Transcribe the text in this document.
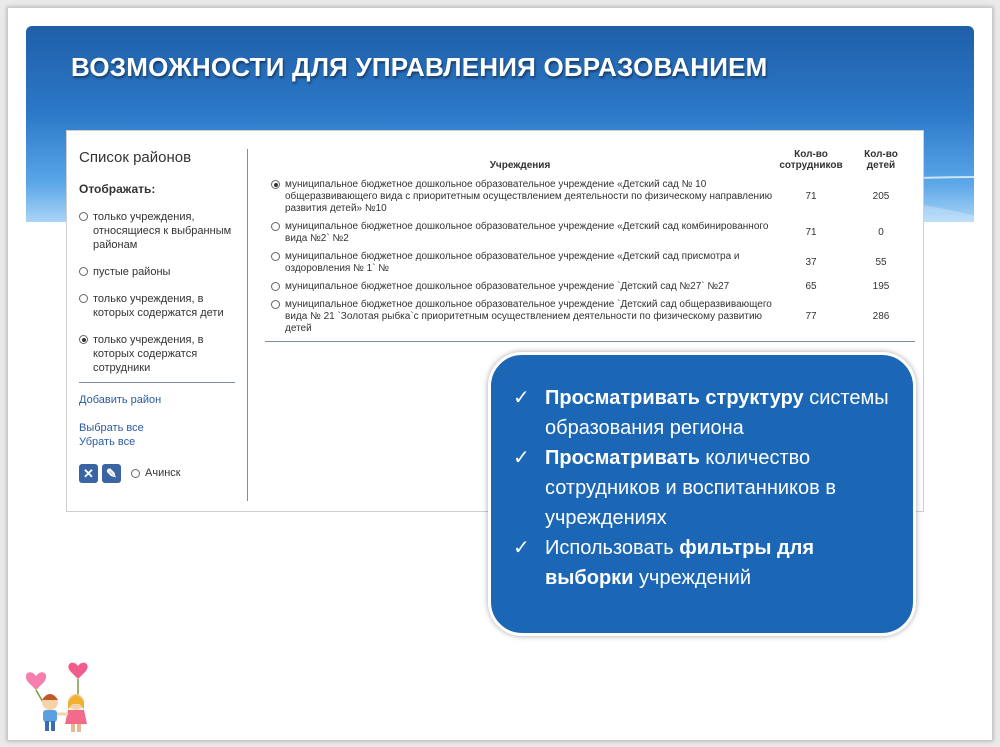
ВОЗМОЖНОСТИ ДЛЯ УПРАВЛЕНИЯ ОБРАЗОВАНИЕМ
Список районов
Отображать:
только учреждения, относящиеся к выбранным районам
пустые районы
только учреждения, в которых содержатся дети
только учреждения, в которых содержатся сотрудники
Добавить район
Выбрать все
Убрать все
✕ ✎	Ачинск
Учреждения	Кол-во сотрудников	Кол-во детей

муниципальное бюджетное дошкольное образовательное учреждение «Детский сад № 10 общеразвивающего вида с приоритетным осуществлением деятельности по физическому направлению развития детей» №10	71	205

муниципальное бюджетное дошкольное образовательное учреждение «Детский сад комбинированного вида №2` №2	71	0

муниципальное бюджетное дошкольное образовательное учреждение «Детский сад присмотра и оздоровления № 1` №	37	55

муниципальное бюджетное дошкольное образовательное учреждение `Детский сад №27` №27	65	195

муниципальное бюджетное дошкольное образовательное учреждение `Детский сад общеразвивающего вида № 21 `Золотая рыбка`с приоритетным осуществлением деятельности по физическому развитию детей	77	286
✓ Просматривать структуру системы образования региона
✓ Просматривать количество сотрудников и воспитанников в учреждениях
✓ Использовать фильтры для выборки учреждений
